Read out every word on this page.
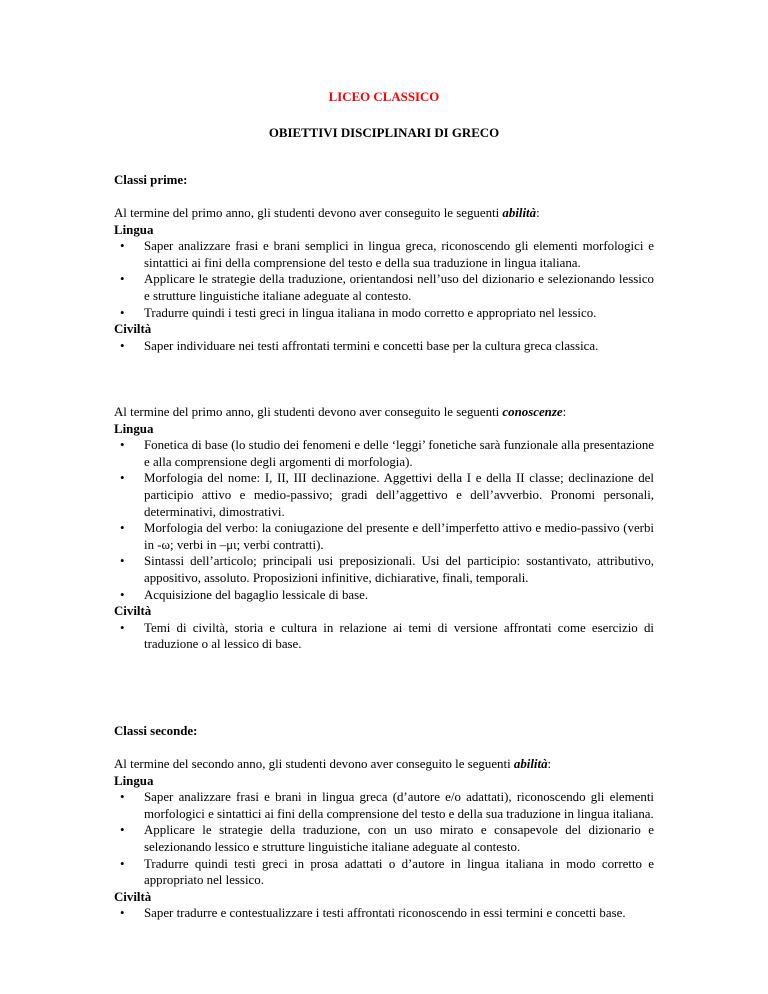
LICEO CLASSICO
OBIETTIVI DISCIPLINARI DI GRECO

Classi prime:

Al termine del primo anno, gli studenti devono aver conseguito le seguenti abilità:

Lingua

• Saper analizzare frasi e brani semplici in lingua greca, riconoscendo gli elementi morfologici e sintattici ai fini della comprensione del testo e della sua traduzione in lingua italiana.
• Applicare le strategie della traduzione, orientandosi nell’uso del dizionario e selezionando lessico e strutture linguistiche italiane adeguate al contesto.
• Tradurre quindi i testi greci in lingua italiana in modo corretto e appropriato nel lessico.

Civiltà

• Saper individuare nei testi affrontati termini e concetti base per la cultura greca classica.

Al termine del primo anno, gli studenti devono aver conseguito le seguenti conoscenze:

Lingua

• Fonetica di base (lo studio dei fenomeni e delle ‘leggi’ fonetiche sarà funzionale alla presentazione e alla comprensione degli argomenti di morfologia).
• Morfologia del nome: I, II, III declinazione. Aggettivi della I e della II classe; declinazione del participio attivo e medio-passivo; gradi dell’aggettivo e dell’avverbio. Pronomi personali, determinativi, dimostrativi.
• Morfologia del verbo: la coniugazione del presente e dell’imperfetto attivo e medio-passivo (verbi in -ω; verbi in –μι; verbi contratti).
• Sintassi dell’articolo; principali usi preposizionali. Usi del participio: sostantivato, attributivo, appositivo, assoluto. Proposizioni infinitive, dichiarative, finali, temporali.
• Acquisizione del bagaglio lessicale di base.

Civiltà

• Temi di civiltà, storia e cultura in relazione ai temi di versione affrontati come esercizio di traduzione o al lessico di base.

Classi seconde:

Al termine del secondo anno, gli studenti devono aver conseguito le seguenti abilità:

Lingua

• Saper analizzare frasi e brani in lingua greca (d’autore e/o adattati), riconoscendo gli elementi morfologici e sintattici ai fini della comprensione del testo e della sua traduzione in lingua italiana.
• Applicare le strategie della traduzione, con un uso mirato e consapevole del dizionario e selezionando lessico e strutture linguistiche italiane adeguate al contesto.
• Tradurre quindi testi greci in prosa adattati o d’autore in lingua italiana in modo corretto e appropriato nel lessico.

Civiltà

• Saper tradurre e contestualizzare i testi affrontati riconoscendo in essi termini e concetti base.
